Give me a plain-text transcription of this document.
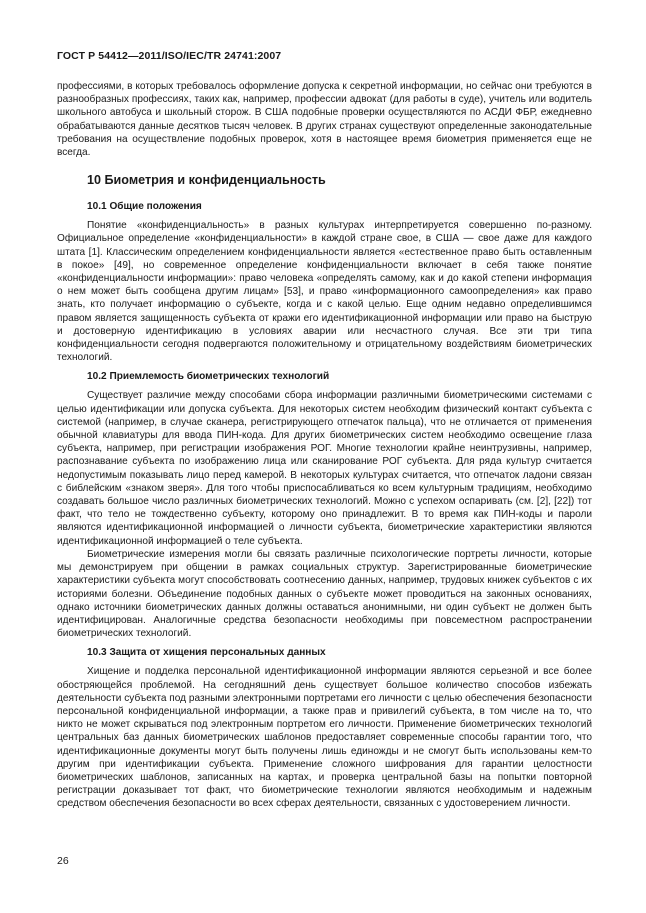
ГОСТ Р 54412—2011/ISO/IEC/TR 24741:2007

профессиями, в которых требовалось оформление допуска к секретной информации, но сейчас они требуются в разнообразных профессиях, таких как, например, профессии адвокат (для работы в суде), учитель или водитель школьного автобуса и школьный сторож. В США подобные проверки осуществляются по АСДИ ФБР, ежедневно обрабатываются данные десятков тысяч человек. В других странах существуют определенные законодательные требования на осуществление подобных проверок, хотя в настоящее время биометрия применяется еще не всегда.

10 Биометрия и конфиденциальность
10.1 Общие положения

Понятие «конфиденциальность» в разных культурах интерпретируется совершенно по-разному. Официальное определение «конфиденциальности» в каждой стране свое, в США — свое даже для каждого штата [1]. Классическим определением конфиденциальности является «естественное право быть оставленным в покое» [49], но современное определение конфиденциальности включает в себя также понятие «конфиденциальности информации»: право человека «определять самому, как и до какой степени информация о нем может быть сообщена другим лицам» [53], и право «информационного самоопределения» как право знать, кто получает информацию о субъекте, когда и с какой целью. Еще одним недавно определившимся правом является защищенность субъекта от кражи его идентификационной информации или право на быструю и достоверную идентификацию в условиях аварии или несчастного случая. Все эти три типа конфиденциальности сегодня подвергаются положительному и отрицательному воздействиям биометрических технологий.

10.2 Приемлемость биометрических технологий

Существует различие между способами сбора информации различными биометрическими системами с целью идентификации или допуска субъекта. Для некоторых систем необходим физический контакт субъекта с системой (например, в случае сканера, регистрирующего отпечаток пальца), что не отличается от применения обычной клавиатуры для ввода ПИН-кода. Для других биометрических систем необходимо освещение глаза субъекта, например, при регистрации изображения РОГ. Многие технологии крайне неинтрузивны, например, распознавание субъекта по изображению лица или сканирование РОГ субъекта. Для ряда культур считается недопустимым показывать лицо перед камерой. В некоторых культурах считается, что отпечаток ладони связан с библейским «знаком зверя». Для того чтобы приспосабливаться ко всем культурным традициям, необходимо создавать большое число различных биометрических технологий. Можно с успехом оспаривать (см. [2], [22]) тот факт, что тело не тождественно субъекту, которому оно принадлежит. В то время как ПИН-коды и пароли являются идентификационной информацией о личности субъекта, биометрические характеристики являются идентификационной информацией о теле субъекта.

Биометрические измерения могли бы связать различные психологические портреты личности, которые мы демонстрируем при общении в рамках социальных структур. Зарегистрированные биометрические характеристики субъекта могут способствовать соотнесению данных, например, трудовых книжек субъектов с их историями болезни. Объединение подобных данных о субъекте может проводиться на законных основаниях, однако источники биометрических данных должны оставаться анонимными, ни один субъект не должен быть идентифицирован. Аналогичные средства безопасности необходимы при повсеместном распространении биометрических технологий.

10.3 Защита от хищения персональных данных

Хищение и подделка персональной идентификационной информации являются серьезной и все более обостряющейся проблемой. На сегодняшний день существует большое количество способов избежать деятельности субъекта под разными электронными портретами его личности с целью обеспечения безопасности персональной конфиденциальной информации, а также прав и привилегий субъекта, в том числе на то, что никто не может скрываться под электронным портретом его личности. Применение биометрических технологий центральных баз данных биометрических шаблонов предоставляет современные способы гарантии того, что идентификационные документы могут быть получены лишь единожды и не смогут быть использованы кем-то другим при идентификации субъекта. Применение сложного шифрования для гарантии целостности биометрических шаблонов, записанных на картах, и проверка центральной базы на попытки повторной регистрации доказывает тот факт, что биометрические технологии являются необходимым и надежным средством обеспечения безопасности во всех сферах деятельности, связанных с удостоверением личности.

26
